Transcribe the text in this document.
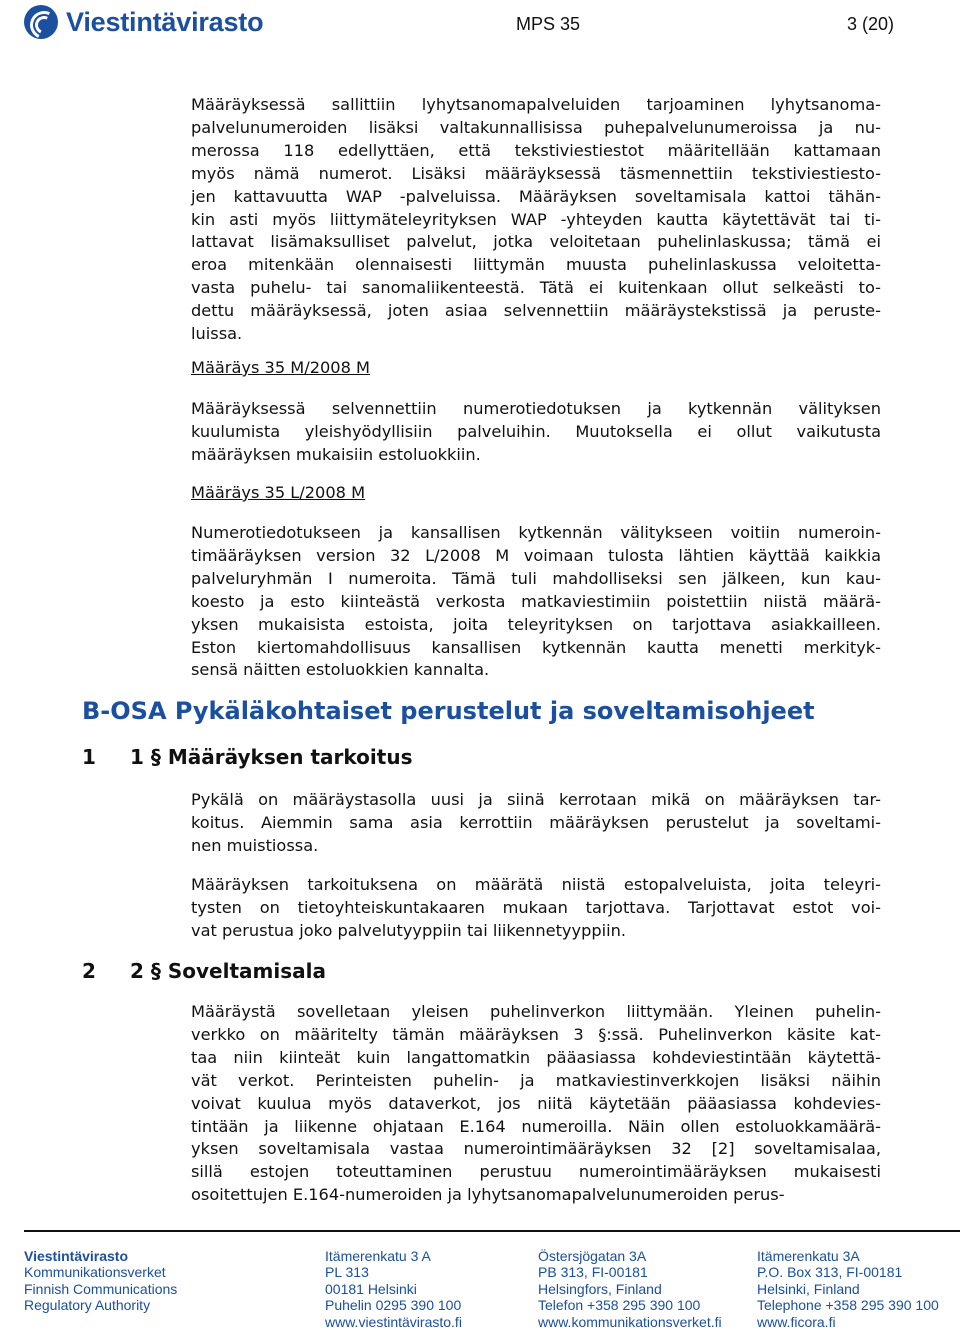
Viestintävirasto	MPS 35	3 (20)

Määräyksessä sallittiin lyhytsanomapalveluiden tarjoaminen lyhytsanoma-
palvelunumeroiden lisäksi valtakunnallisissa puhepalvelunumeroissa ja nu-
merossa 118 edellyttäen, että tekstiviestiestot määritellään kattamaan
myös nämä numerot. Lisäksi määräyksessä täsmennettiin tekstiviestiesto-
jen kattavuutta WAP -palveluissa. Määräyksen soveltamisala kattoi tähän-
kin asti myös liittymäteleyrityksen WAP -yhteyden kautta käytettävät tai ti-
lattavat lisämaksulliset palvelut, jotka veloitetaan puhelinlaskussa; tämä ei
eroa mitenkään olennaisesti liittymän muusta puhelinlaskussa veloitetta-
vasta puhelu- tai sanomaliikenteestä. Tätä ei kuitenkaan ollut selkeästi to-
dettu määräyksessä, joten asiaa selvennettiin määräystekstissä ja peruste-
luissa.

Määräys 35 M/2008 M

Määräyksessä selvennettiin numerotiedotuksen ja kytkennän välityksen
kuulumista yleishyödyllisiin palveluihin. Muutoksella ei ollut vaikutusta
määräyksen mukaisiin estoluokkiin.

Määräys 35 L/2008 M

Numerotiedotukseen ja kansallisen kytkennän välitykseen voitiin numeroin-
timääräyksen version 32 L/2008 M voimaan tulosta lähtien käyttää kaikkia
palveluryhmän I numeroita. Tämä tuli mahdolliseksi sen jälkeen, kun kau-
koesto ja esto kiinteästä verkosta matkaviestimiin poistettiin niistä määrä-
yksen mukaisista estoista, joita teleyrityksen on tarjottava asiakkailleen.
Eston kiertomahdollisuus kansallisen kytkennän kautta menetti merkityk-
sensä näitten estoluokkien kannalta.

B-OSA Pykäläkohtaiset perustelut ja soveltamisohjeet
1 1 § Määräyksen tarkoitus

Pykälä on määräystasolla uusi ja siinä kerrotaan mikä on määräyksen tar-
koitus. Aiemmin sama asia kerrottiin määräyksen perustelut ja soveltami-
nen muistiossa.

Määräyksen tarkoituksena on määrätä niistä estopalveluista, joita teleyri-
tysten on tietoyhteiskuntakaaren mukaan tarjottava. Tarjottavat estot voi-
vat perustua joko palvelutyyppiin tai liikennetyyppiin.

2 2 § Soveltamisala

Määräystä sovelletaan yleisen puhelinverkon liittymään. Yleinen puhelin-
verkko on määritelty tämän määräyksen 3 §:ssä. Puhelinverkon käsite kat-
taa niin kiinteät kuin langattomatkin pääasiassa kohdeviestintään käytettä-
vät verkot. Perinteisten puhelin- ja matkaviestinverkkojen lisäksi näihin
voivat kuulua myös dataverkot, jos niitä käytetään pääasiassa kohdevies-
tintään ja liikenne ohjataan E.164 numeroilla. Näin ollen estoluokkamäärä-
yksen soveltamisala vastaa numerointimääräyksen 32 [2] soveltamisalaa,
sillä estojen toteuttaminen perustuu numerointimääräyksen mukaisesti
osoitettujen E.164-numeroiden ja lyhytsanomapalvelunumeroiden perus-

Viestintävirasto
Kommunikationsverket
Finnish Communications
Regulatory Authority
Itämerenkatu 3 A
PL 313
00181 Helsinki
Puhelin 0295 390 100
www.viestintävirasto.fi
Östersjögatan 3A
PB 313, FI-00181
Helsingfors, Finland
Telefon +358 295 390 100
www.kommunikationsverket.fi
Itämerenkatu 3A
P.O. Box 313, FI-00181
Helsinki, Finland
Telephone +358 295 390 100
www.ficora.fi
